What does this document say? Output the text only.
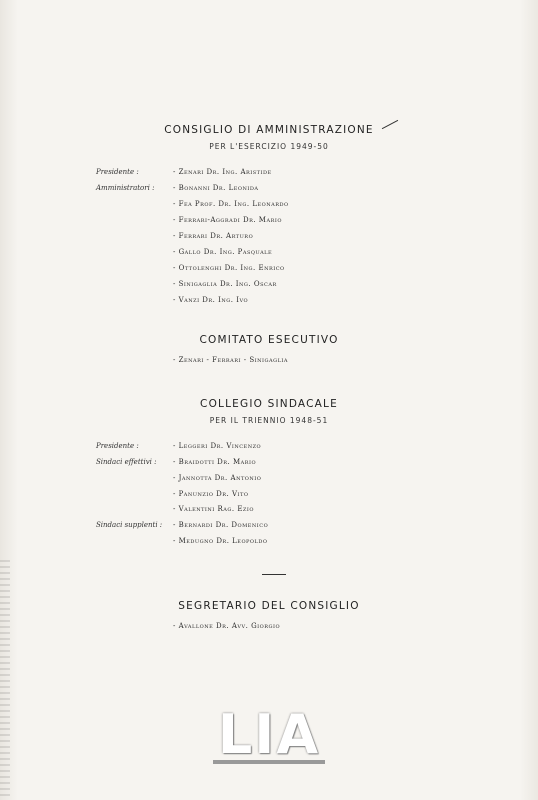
CONSIGLIO DI AMMINISTRAZIONE
PER L'ESERCIZIO 1949-50
Presidente :
Amministratori :
- Zenari Dr. Ing. Aristide
- Bonanni Dr. Leonida
- Fea Prof. Dr. Ing. Leonardo
- Ferrari-Aggradi Dr. Mario
- Ferrari Dr. Arturo
- Gallo Dr. Ing. Pasquale
- Ottolenghi Dr. Ing. Enrico
- Sinigaglia Dr. Ing. Oscar
- Vanzi Dr. Ing. Ivo
COMITATO ESECUTIVO
- Zenari - Ferrari - Sinigaglia
COLLEGIO SINDACALE
PER IL TRIENNIO 1948-51
Presidente :
Sindaci effettivi :
Sindaci supplenti :
- Leggeri Dr. Vincenzo
- Braidotti Dr. Mario
- Jannotta Dr. Antonio
- Panunzio Dr. Vito
- Valentini Rag. Ezio
- Bernardi Dr. Domenico
- Medugno Dr. Leopoldo
SEGRETARIO DEL CONSIGLIO
- Avallone Dr. Avv. Giorgio
LIA
